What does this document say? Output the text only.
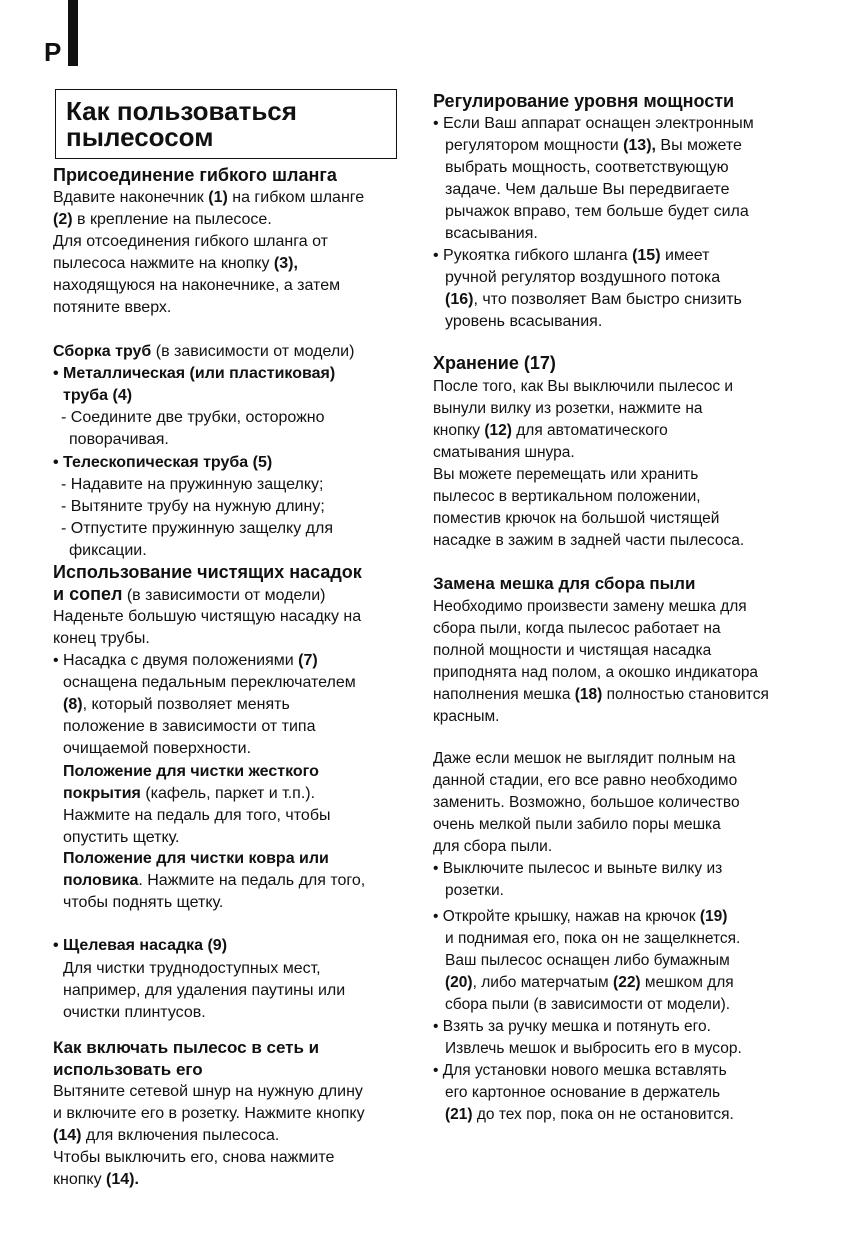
P
Как пользоваться
пылесосом
Присоединение гибкого шланга
Вдавите наконечник (1) на гибком шланге
(2) в крепление на пылесосе.
Для отсоединения гибкого шланга от
пылесоса нажмите на кнопку (3),
находящуюся на наконечнике, а затем
потяните вверх.
Сборка труб (в зависимости от модели)
• Металлическая (или пластиковая)
труба (4)
- Соедините две трубки, осторожно
поворачивая.
• Телескопическая труба (5)
- Надавите на пружинную защелку;
- Вытяните трубу на нужную длину;
- Отпустите пружинную защелку для
фиксации.
Использование чистящих насадок
и сопел (в зависимости от модели)
Наденьте большую чистящую насадку на
конец трубы.
• Насадка с двумя положениями (7)
оснащена педальным переключателем
(8), который позволяет менять
положение в зависимости от типа
очищаемой поверхности.
Положение для чистки жесткого
покрытия (кафель, паркет и т.п.).
Нажмите на педаль для того, чтобы
опустить щетку.
Положение для чистки ковра или
половика. Нажмите на педаль для того,
чтобы поднять щетку.
• Щелевая насадка (9)
Для чистки труднодоступных мест,
например, для удаления паутины или
очистки плинтусов.
Как включать пылесос в сеть и
использовать его
Вытяните сетевой шнур на нужную длину
и включите его в розетку. Нажмите кнопку
(14) для включения пылесоса.
Чтобы выключить его, снова нажмите
кнопку (14).
Регулирование уровня мощности
• Если Ваш аппарат оснащен электронным
регулятором мощности (13), Вы можете
выбрать мощность, соответствующую
задаче. Чем дальше Вы передвигаете
рычажок вправо, тем больше будет сила
всасывания.
• Рукоятка гибкого шланга (15) имеет
ручной регулятор воздушного потока
(16), что позволяет Вам быстро снизить
уровень всасывания.
Хранение (17)
После того, как Вы выключили пылесос и
вынули вилку из розетки, нажмите на
кнопку (12) для автоматического
сматывания шнура.
Вы можете перемещать или хранить
пылесос в вертикальном положении,
поместив крючок на большой чистящей
насадке в зажим в задней части пылесоса.
Замена мешка для сбора пыли
Необходимо произвести замену мешка для
сбора пыли, когда пылесос работает на
полной мощности и чистящая насадка
приподнята над полом, а окошко индикатора
наполнения мешка (18) полностью становится
красным.
Даже если мешок не выглядит полным на
данной стадии, его все равно необходимо
заменить. Возможно, большое количество
очень мелкой пыли забило поры мешка
для сбора пыли.
• Выключите пылесос и выньте вилку из
розетки.
• Откройте крышку, нажав на крючок (19)
и поднимая его, пока он не защелкнется.
Ваш пылесос оснащен либо бумажным
(20), либо матерчатым (22) мешком для
сбора пыли (в зависимости от модели).
• Взять за ручку мешка и потянуть его.
Извлечь мешок и выбросить его в мусор.
• Для установки нового мешка вставлять
его картонное основание в держатель
(21) до тех пор, пока он не остановится.
